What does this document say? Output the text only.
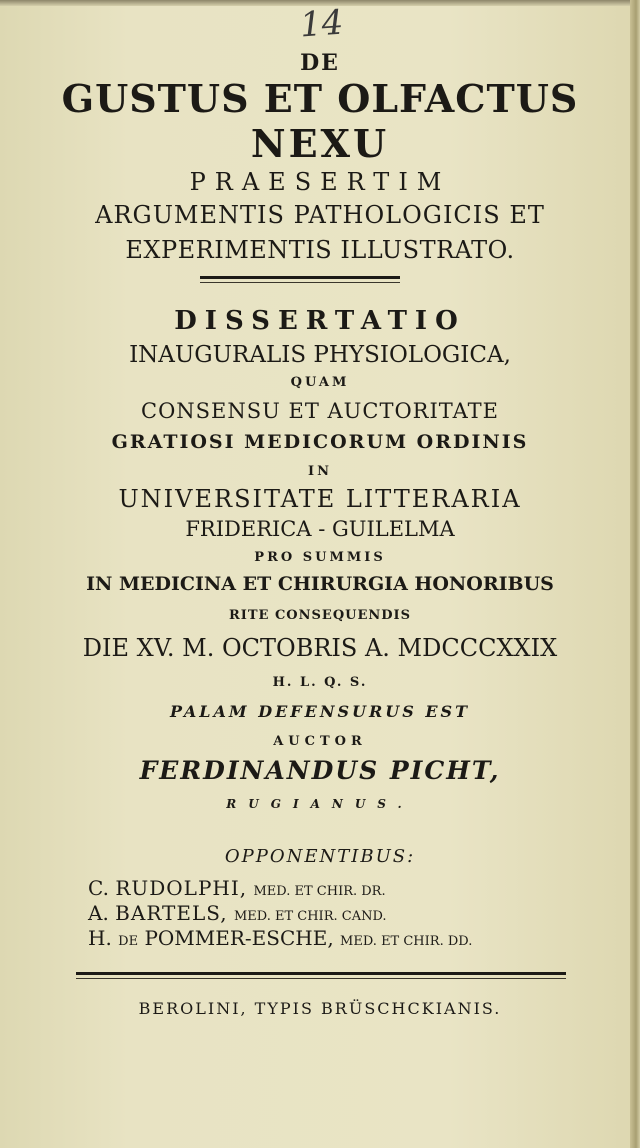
14
DE
GUSTUS ET OLFACTUS
NEXU
PRAESERTIM
ARGUMENTIS PATHOLOGICIS ET
EXPERIMENTIS ILLUSTRATO.
DISSERTATIO
INAUGURALIS PHYSIOLOGICA,
QUAM
CONSENSU ET AUCTORITATE
GRATIOSI MEDICORUM ORDINIS
IN
UNIVERSITATE LITTERARIA
FRIDERICA - GUILELMA
PRO SUMMIS
IN MEDICINA ET CHIRURGIA HONORIBUS
RITE CONSEQUENDIS
DIE XV. M. OCTOBRIS A. MDCCCXXIX
H. L. Q. S.
PALAM DEFENSURUS EST
AUCTOR
FERDINANDUS PICHT,
RUGIANUS.
OPPONENTIBUS:
C. RUDOLPHI, MED. ET CHIR. DR.
A. BARTELS, MED. ET CHIR. CAND.
H. DE POMMER-ESCHE, MED. ET CHIR. DD.
BEROLINI, TYPIS BRÜSCHCKIANIS.
